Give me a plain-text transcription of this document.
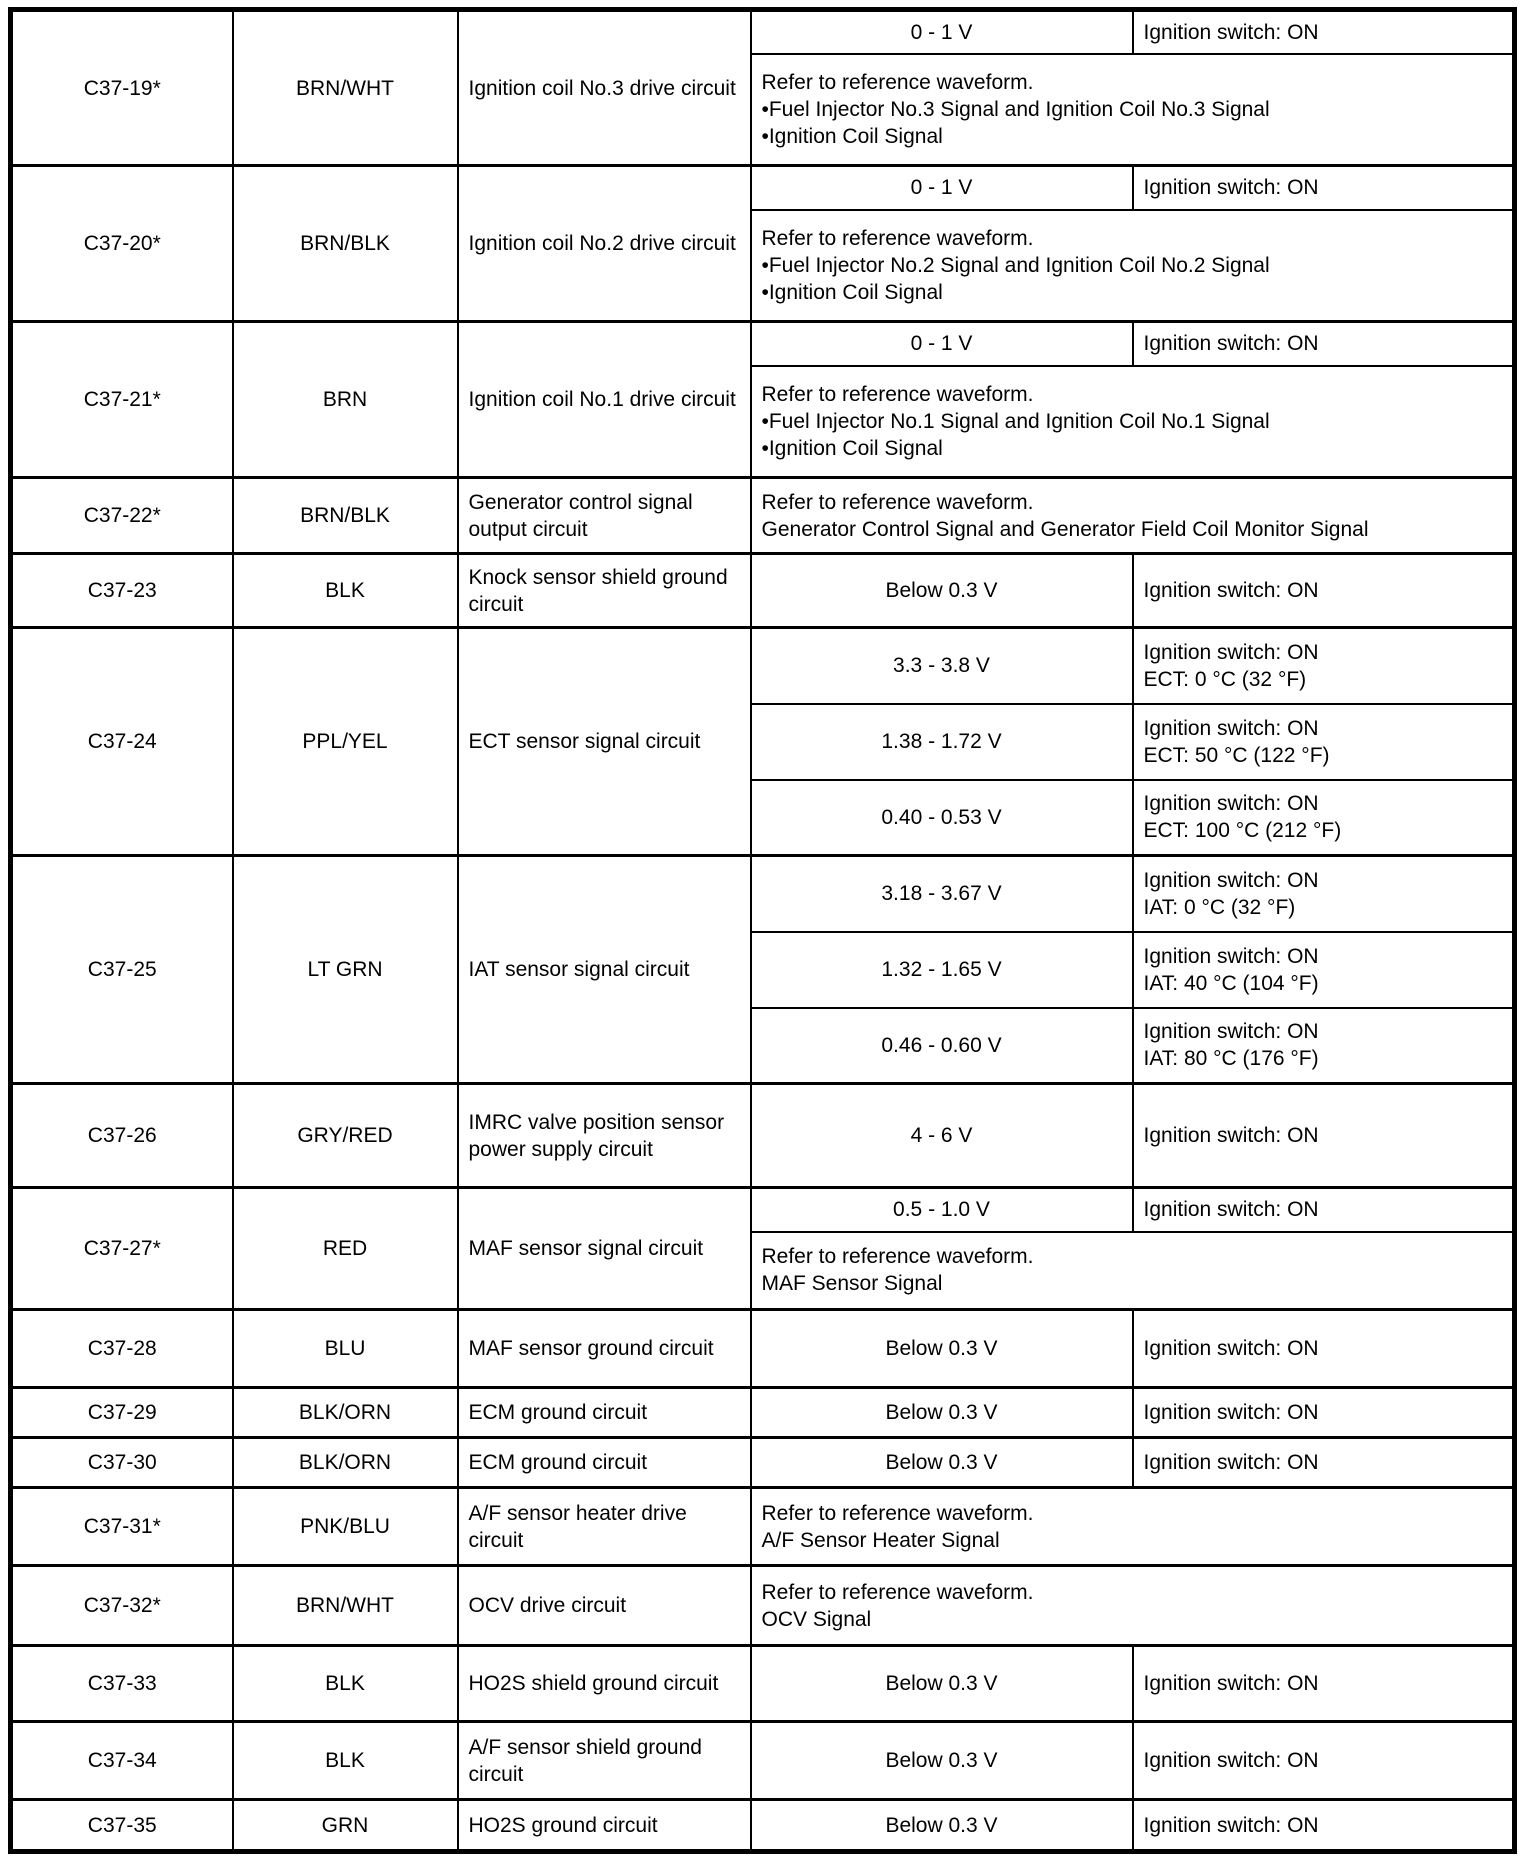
C37-19*	BRN/WHT	Ignition coil No.3 drive circuit	0 - 1 V	Ignition switch: ON

			Refer to reference waveform.
•Fuel Injector No.3 Signal and Ignition Coil No.3 Signal
•Ignition Coil Signal	

C37-20*	BRN/BLK	Ignition coil No.2 drive circuit	0 - 1 V	Ignition switch: ON

			Refer to reference waveform.
•Fuel Injector No.2 Signal and Ignition Coil No.2 Signal
•Ignition Coil Signal	

C37-21*	BRN	Ignition coil No.1 drive circuit	0 - 1 V	Ignition switch: ON

			Refer to reference waveform.
•Fuel Injector No.1 Signal and Ignition Coil No.1 Signal
•Ignition Coil Signal	

C37-22*	BRN/BLK	Generator control signal output circuit	Refer to reference waveform.
Generator Control Signal and Generator Field Coil Monitor Signal	

C37-23	BLK	Knock sensor shield ground circuit	Below 0.3 V	Ignition switch: ON

C37-24	PPL/YEL	ECT sensor signal circuit	3.3 - 3.8 V	Ignition switch: ON
ECT: 0 °C (32 °F)

			1.38 - 1.72 V	Ignition switch: ON
ECT: 50 °C (122 °F)

			0.40 - 0.53 V	Ignition switch: ON
ECT: 100 °C (212 °F)

C37-25	LT GRN	IAT sensor signal circuit	3.18 - 3.67 V	Ignition switch: ON
IAT: 0 °C (32 °F)

			1.32 - 1.65 V	Ignition switch: ON
IAT: 40 °C (104 °F)

			0.46 - 0.60 V	Ignition switch: ON
IAT: 80 °C (176 °F)

C37-26	GRY/RED	IMRC valve position sensor power supply circuit	4 - 6 V	Ignition switch: ON

C37-27*	RED	MAF sensor signal circuit	0.5 - 1.0 V	Ignition switch: ON

			Refer to reference waveform.
MAF Sensor Signal	

C37-28	BLU	MAF sensor ground circuit	Below 0.3 V	Ignition switch: ON

C37-29	BLK/ORN	ECM ground circuit	Below 0.3 V	Ignition switch: ON

C37-30	BLK/ORN	ECM ground circuit	Below 0.3 V	Ignition switch: ON

C37-31*	PNK/BLU	A/F sensor heater drive circuit	Refer to reference waveform.
A/F Sensor Heater Signal	

C37-32*	BRN/WHT	OCV drive circuit	Refer to reference waveform.
OCV Signal	

C37-33	BLK	HO2S shield ground circuit	Below 0.3 V	Ignition switch: ON

C37-34	BLK	A/F sensor shield ground circuit	Below 0.3 V	Ignition switch: ON

C37-35	GRN	HO2S ground circuit	Below 0.3 V	Ignition switch: ON
